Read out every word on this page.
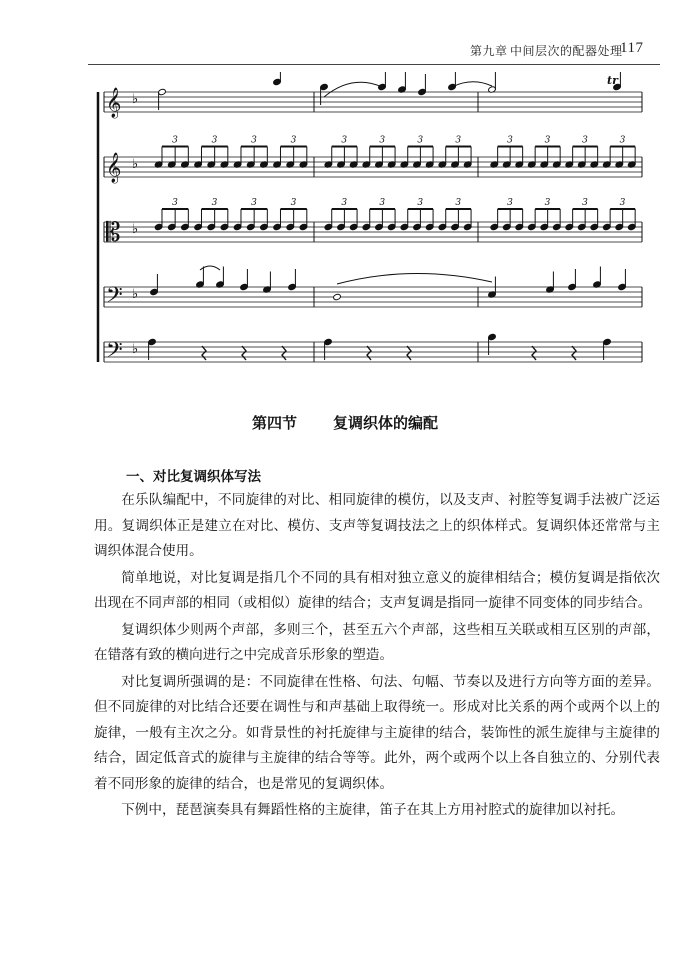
第九章 中间层次的配器处理
117
𝄞 ♭
𝄞 ♭
𝄡 ♭
𝄢 ♭
𝄢 ♭
tr
3	3	3	3	3	3	3	3	3	3	3	3
3	3	3	3	3	3	3	3	3	3	3	3
第四节 复调织体的编配
一、对比复调织体写法

在乐队编配中，不同旋律的对比、相同旋律的模仿，以及支声、衬腔等复调手法被广泛运用。复调织体正是建立在对比、模仿、支声等复调技法之上的织体样式。复调织体还常常与主调织体混合使用。

简单地说，对比复调是指几个不同的具有相对独立意义的旋律相结合；模仿复调是指依次出现在不同声部的相同（或相似）旋律的结合；支声复调是指同一旋律不同变体的同步结合。

复调织体少则两个声部，多则三个，甚至五六个声部，这些相互关联或相互区别的声部，在错落有致的横向进行之中完成音乐形象的塑造。

对比复调所强调的是：不同旋律在性格、句法、句幅、节奏以及进行方向等方面的差异。但不同旋律的对比结合还要在调性与和声基础上取得统一。形成对比关系的两个或两个以上的旋律，一般有主次之分。如背景性的衬托旋律与主旋律的结合，装饰性的派生旋律与主旋律的结合，固定低音式的旋律与主旋律的结合等等。此外，两个或两个以上各自独立的、分别代表着不同形象的旋律的结合，也是常见的复调织体。

下例中，琵琶演奏具有舞蹈性格的主旋律，笛子在其上方用衬腔式的旋律加以衬托。
